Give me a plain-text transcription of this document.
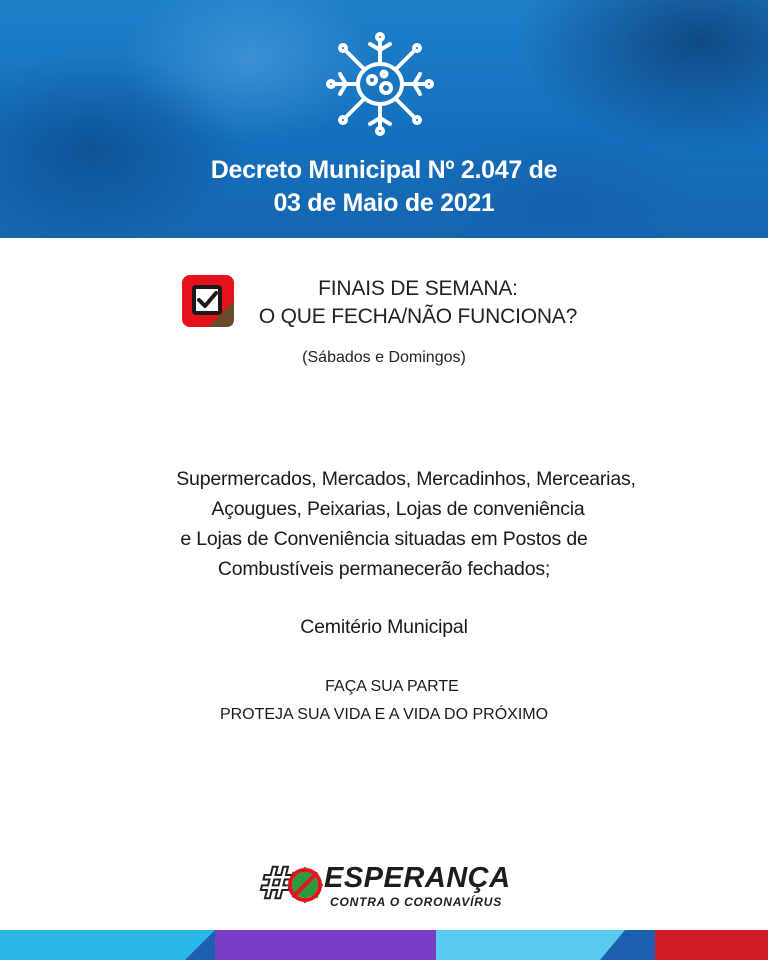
Decreto Municipal Nº 2.047 de
03 de Maio de 2021
FINAIS DE SEMANA:
O QUE FECHA/NÃO FUNCIONA?
(Sábados e Domingos)
Supermercados, Mercados, Mercadinhos, Mercearias,
Açougues, Peixarias, Lojas de conveniência
e Lojas de Conveniência situadas em Postos de
Combustíveis permanecerão fechados;
Cemitério Municipal
FAÇA SUA PARTE
PROTEJA SUA VIDA E A VIDA DO PRÓXIMO
# ESPERANÇA
CONTRA O CORONAVÍRUS
